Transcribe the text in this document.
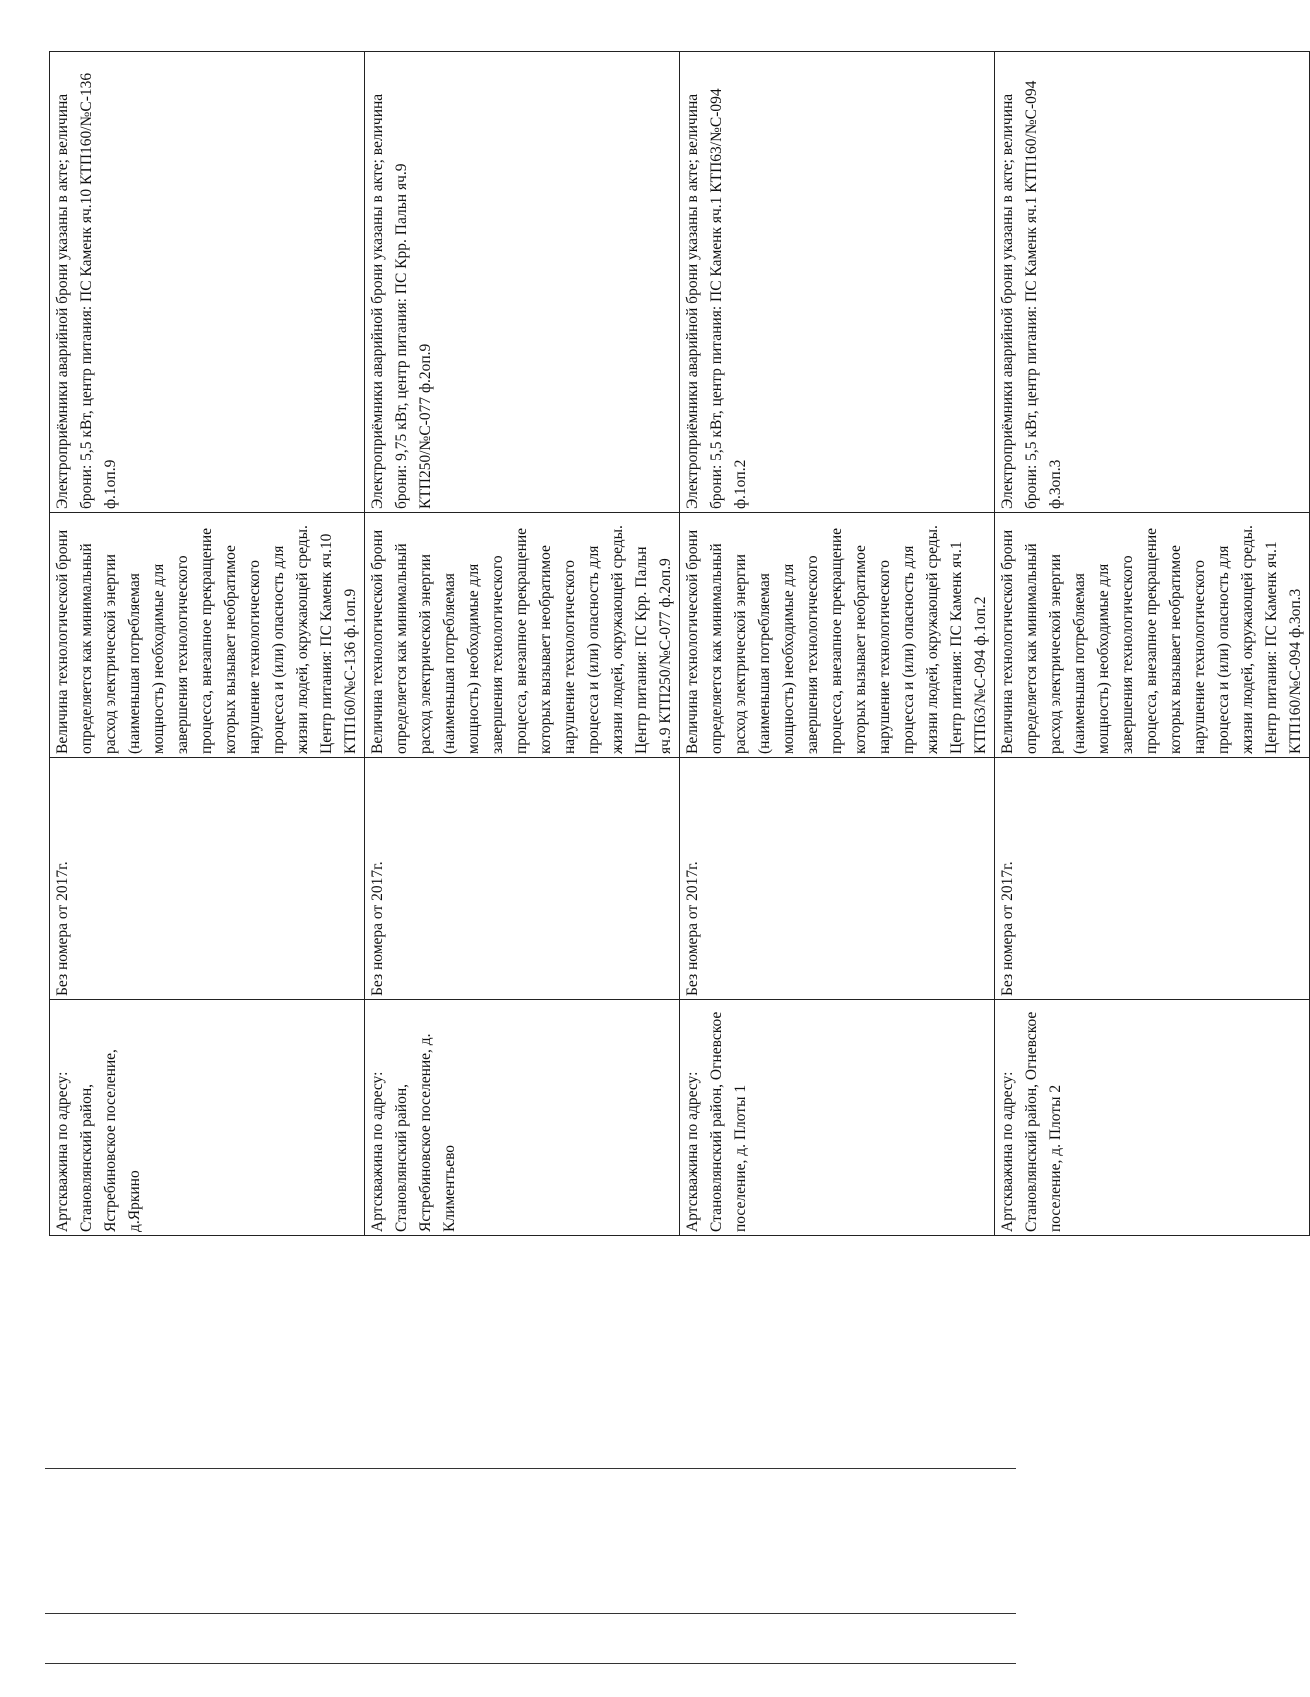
Артскважина по адресу: Становлянский район, Ястребиновское поселение, д.Яркино	Без номера от 2017г.	Величина технологической брони определяется как минимальный расход электрической энергии (наименьшая потребляемая мощность) необходимые для завершения технологического процесса, внезапное прекращение которых вызывает необратимое нарушение технологического процесса и (или) опасность для жизни людей, окружающей среды. Центр питания: ПС Каменк яч.10 КТП160/№С-136 ф.1оп.9	Электроприёмники аварийной брони указаны в акте; величина брони: 5,5 кВт, центр питания: ПС Каменк яч.10 КТП160/№С-136 ф.1оп.9
Артскважина по адресу: Становлянский район, Ястребиновское поселение, д. Климентьево	Без номера от 2017г.	Величина технологической брони определяется как минимальный расход электрической энергии (наименьшая потребляемая мощность) необходимые для завершения технологического процесса, внезапное прекращение которых вызывает необратимое нарушение технологического процесса и (или) опасность для жизни людей, окружающей среды. Центр питания: ПС Крр. Пальн яч.9 КТП250/№С-077 ф.2оп.9	Электроприёмники аварийной брони указаны в акте; величина брони: 9,75 кВт, центр питания: ПС Крр. Пальн яч.9 КТП250/№С-077 ф.2оп.9
Артскважина по адресу: Становлянский район, Огневское поселение, д. Плоты 1	Без номера от 2017г.	Величина технологической брони определяется как минимальный расход электрической энергии (наименьшая потребляемая мощность) необходимые для завершения технологического процесса, внезапное прекращение которых вызывает необратимое нарушение технологического процесса и (или) опасность для жизни людей, окружающей среды. Центр питания: ПС Каменк яч.1 КТП63/№С-094 ф.1оп.2	Электроприёмники аварийной брони указаны в акте; величина брони: 5,5 кВт, центр питания: ПС Каменк яч.1 КТП63/№С-094 ф.1оп.2
Артскважина по адресу: Становлянский район, Огневское поселение, д. Плоты 2	Без номера от 2017г.	Величина технологической брони определяется как минимальный расход электрической энергии (наименьшая потребляемая мощность) необходимые для завершения технологического процесса, внезапное прекращение которых вызывает необратимое нарушение технологического процесса и (или) опасность для жизни людей, окружающей среды. Центр питания: ПС Каменк яч.1 КТП160/№С-094 ф.3оп.3	Электроприёмники аварийной брони указаны в акте; величина брони: 5,5 кВт, центр питания: ПС Каменк яч.1 КТП160/№С-094 ф.3оп.3
